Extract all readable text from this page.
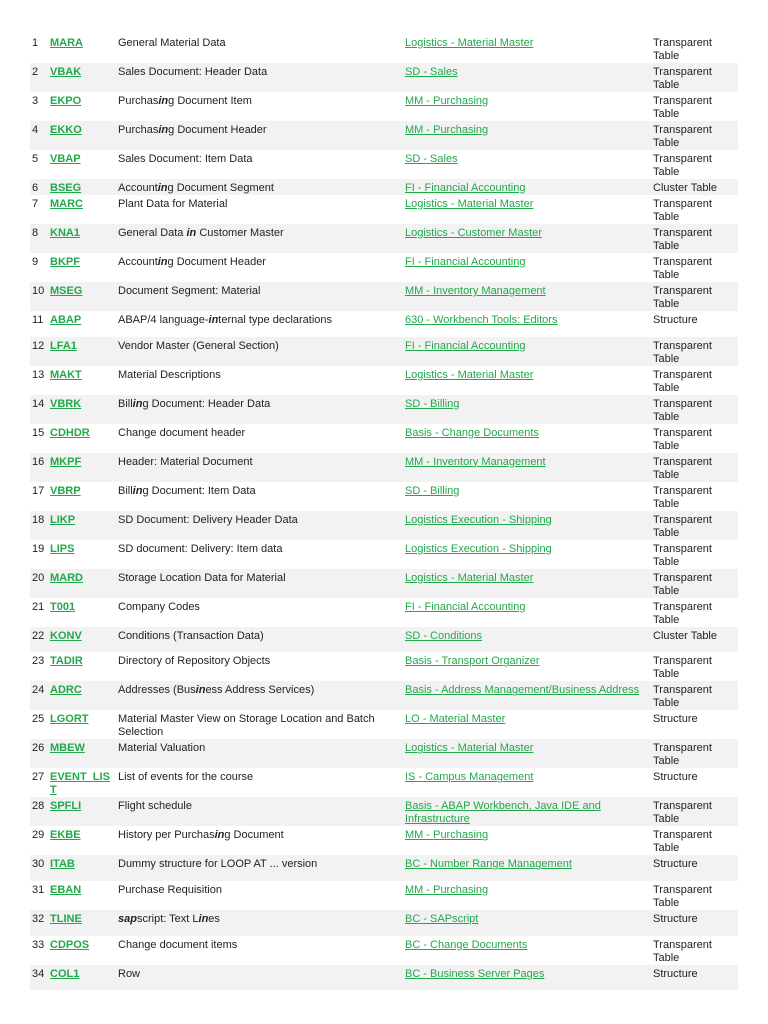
1	MARA	General Material Data	Logistics - Material Master	Transparent Table
2	VBAK	Sales Document: Header Data	SD - Sales	Transparent Table
3	EKPO	Purchasing Document Item	MM - Purchasing	Transparent Table
4	EKKO	Purchasing Document Header	MM - Purchasing	Transparent Table
5	VBAP	Sales Document: Item Data	SD - Sales	Transparent Table
6	BSEG	Accounting Document Segment	FI - Financial Accounting	Cluster Table
7	MARC	Plant Data for Material	Logistics - Material Master	Transparent Table
8	KNA1	General Data in Customer Master	Logistics - Customer Master	Transparent Table
9	BKPF	Accounting Document Header	FI - Financial Accounting	Transparent Table
10	MSEG	Document Segment: Material	MM - Inventory Management	Transparent Table
11	ABAP	ABAP/4 language-internal type declarations	630 - Workbench Tools: Editors	Structure
12	LFA1	Vendor Master (General Section)	FI - Financial Accounting	Transparent Table
13	MAKT	Material Descriptions	Logistics - Material Master	Transparent Table
14	VBRK	Billing Document: Header Data	SD - Billing	Transparent Table
15	CDHDR	Change document header	Basis - Change Documents	Transparent Table
16	MKPF	Header: Material Document	MM - Inventory Management	Transparent Table
17	VBRP	Billing Document: Item Data	SD - Billing	Transparent Table
18	LIKP	SD Document: Delivery Header Data	Logistics Execution - Shipping	Transparent Table
19	LIPS	SD document: Delivery: Item data	Logistics Execution - Shipping	Transparent Table
20	MARD	Storage Location Data for Material	Logistics - Material Master	Transparent Table
21	T001	Company Codes	FI - Financial Accounting	Transparent Table
22	KONV	Conditions (Transaction Data)	SD - Conditions	Cluster Table
23	TADIR	Directory of Repository Objects	Basis - Transport Organizer	Transparent Table
24	ADRC	Addresses (Business Address Services)	Basis - Address Management/Business Address	Transparent Table
25	LGORT	Material Master View on Storage Location and Batch Selection	LO - Material Master	Structure
26	MBEW	Material Valuation	Logistics - Material Master	Transparent Table
27	EVENT_LIST	List of events for the course	IS - Campus Management	Structure
28	SPFLI	Flight schedule	Basis - ABAP Workbench, Java IDE and Infrastructure	Transparent Table
29	EKBE	History per Purchasing Document	MM - Purchasing	Transparent Table
30	ITAB	Dummy structure for LOOP AT ... version	BC - Number Range Management	Structure
31	EBAN	Purchase Requisition	MM - Purchasing	Transparent Table
32	TLINE	sapscript: Text Lines	BC - SAPscript	Structure
33	CDPOS	Change document items	BC - Change Documents	Transparent Table
34	COL1	Row	BC - Business Server Pages	Structure
